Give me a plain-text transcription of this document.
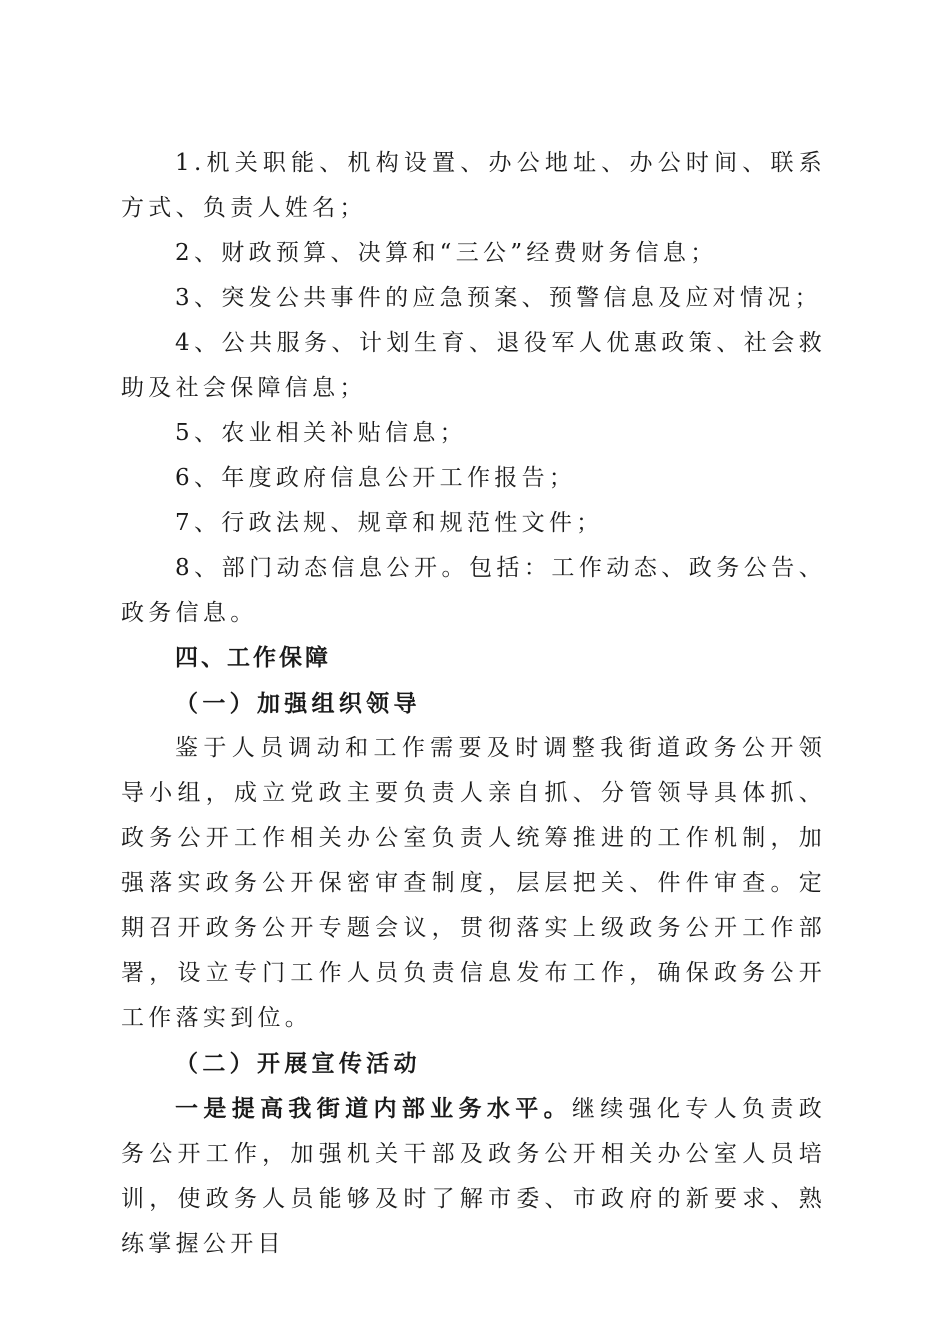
1.机关职能、机构设置、办公地址、办公时间、联系方式、负责人姓名；

2、财政预算、决算和“三公”经费财务信息；

3、突发公共事件的应急预案、预警信息及应对情况；

4、公共服务、计划生育、退役军人优惠政策、社会救助及社会保障信息；

5、农业相关补贴信息；

6、年度政府信息公开工作报告；

7、行政法规、规章和规范性文件；

8、部门动态信息公开。包括：工作动态、政务公告、政务信息。

四、工作保障

（一）加强组织领导

鉴于人员调动和工作需要及时调整我街道政务公开领导小组，成立党政主要负责人亲自抓、分管领导具体抓、政务公开工作相关办公室负责人统筹推进的工作机制，加强落实政务公开保密审查制度，层层把关、件件审查。定期召开政务公开专题会议，贯彻落实上级政务公开工作部署，设立专门工作人员负责信息发布工作，确保政务公开工作落实到位。

（二）开展宣传活动

一是提高我街道内部业务水平。继续强化专人负责政务公开工作，加强机关干部及政务公开相关办公室人员培训，使政务人员能够及时了解市委、市政府的新要求、熟练掌握公开目
